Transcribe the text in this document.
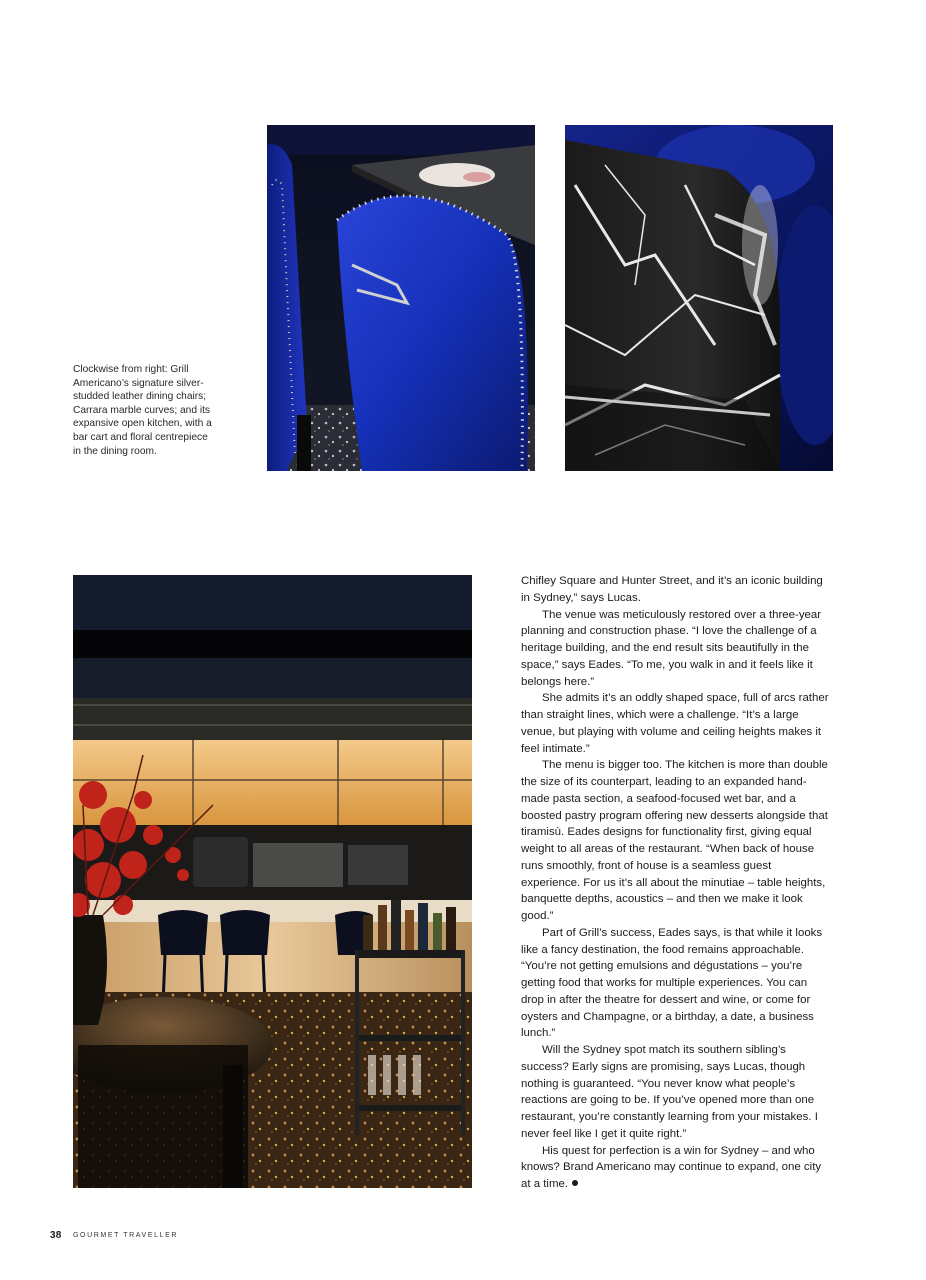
Clockwise from right: Grill Americano’s signature silver-studded leather dining chairs; Carrara marble curves; and its expansive open kitchen, with a bar cart and floral centrepiece in the dining room.

Chifley Square and Hunter Street, and it’s an iconic building in Sydney,” says Lucas.

The venue was meticulously restored over a three-year planning and construction phase. “I love the challenge of a heritage building, and the end result sits beautifully in the space,” says Eades. “To me, you walk in and it feels like it belongs here.”

She admits it’s an oddly shaped space, full of arcs rather than straight lines, which were a challenge. “It’s a large venue, but playing with volume and ceiling heights makes it feel intimate.”

The menu is bigger too. The kitchen is more than double the size of its counterpart, leading to an expanded hand-made pasta section, a seafood-focused wet bar, and a boosted pastry program offering new desserts alongside that tiramisù. Eades designs for functionality first, giving equal weight to all areas of the restaurant. “When back of house runs smoothly, front of house is a seamless guest experience. For us it’s all about the minutiae – table heights, banquette depths, acoustics – and then we make it look good.”

Part of Grill’s success, Eades says, is that while it looks like a fancy destination, the food remains approachable. “You’re not getting emulsions and dégustations – you’re getting food that works for multiple experiences. You can drop in after the theatre for dessert and wine, or come for oysters and Champagne, or a birthday, a date, a business lunch.”

Will the Sydney spot match its southern sibling’s success? Early signs are promising, says Lucas, though nothing is guaranteed. “You never know what people’s reactions are going to be. If you’ve opened more than one restaurant, you’re constantly learning from your mistakes. I never feel like I get it quite right.”

His quest for perfection is a win for Sydney – and who knows? Brand Americano may continue to expand, one city at a time.

38 GOURMET TRAVELLER
